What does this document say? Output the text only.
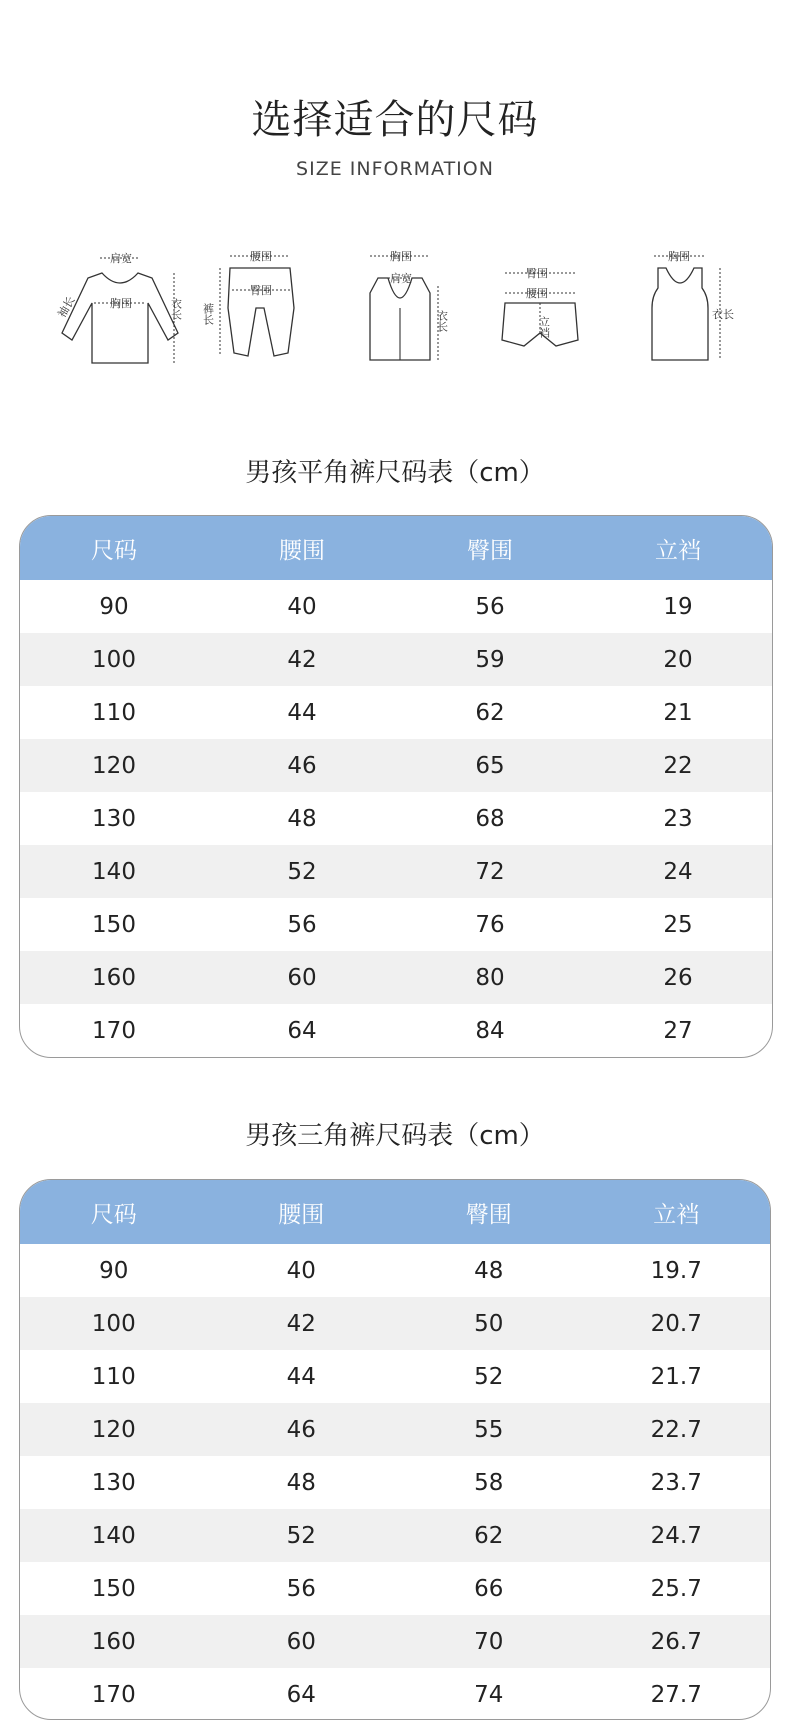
选择适合的尺码
SIZE INFORMATION
肩宽
胸围
袖长	衣长
腰围
臀围
裤长
胸围
肩宽
衣长
臀围
腰围
立裆
胸围
衣长
男孩平角裤尺码表（cm）
尺码	腰围	臀围	立裆
90	40	56	19
100	42	59	20
110	44	62	21
120	46	65	22
130	48	68	23
140	52	72	24
150	56	76	25
160	60	80	26
170	64	84	27
男孩三角裤尺码表（cm）
尺码	腰围	臀围	立裆
90	40	48	19.7
100	42	50	20.7
110	44	52	21.7
120	46	55	22.7
130	48	58	23.7
140	52	62	24.7
150	56	66	25.7
160	60	70	26.7
170	64	74	27.7
